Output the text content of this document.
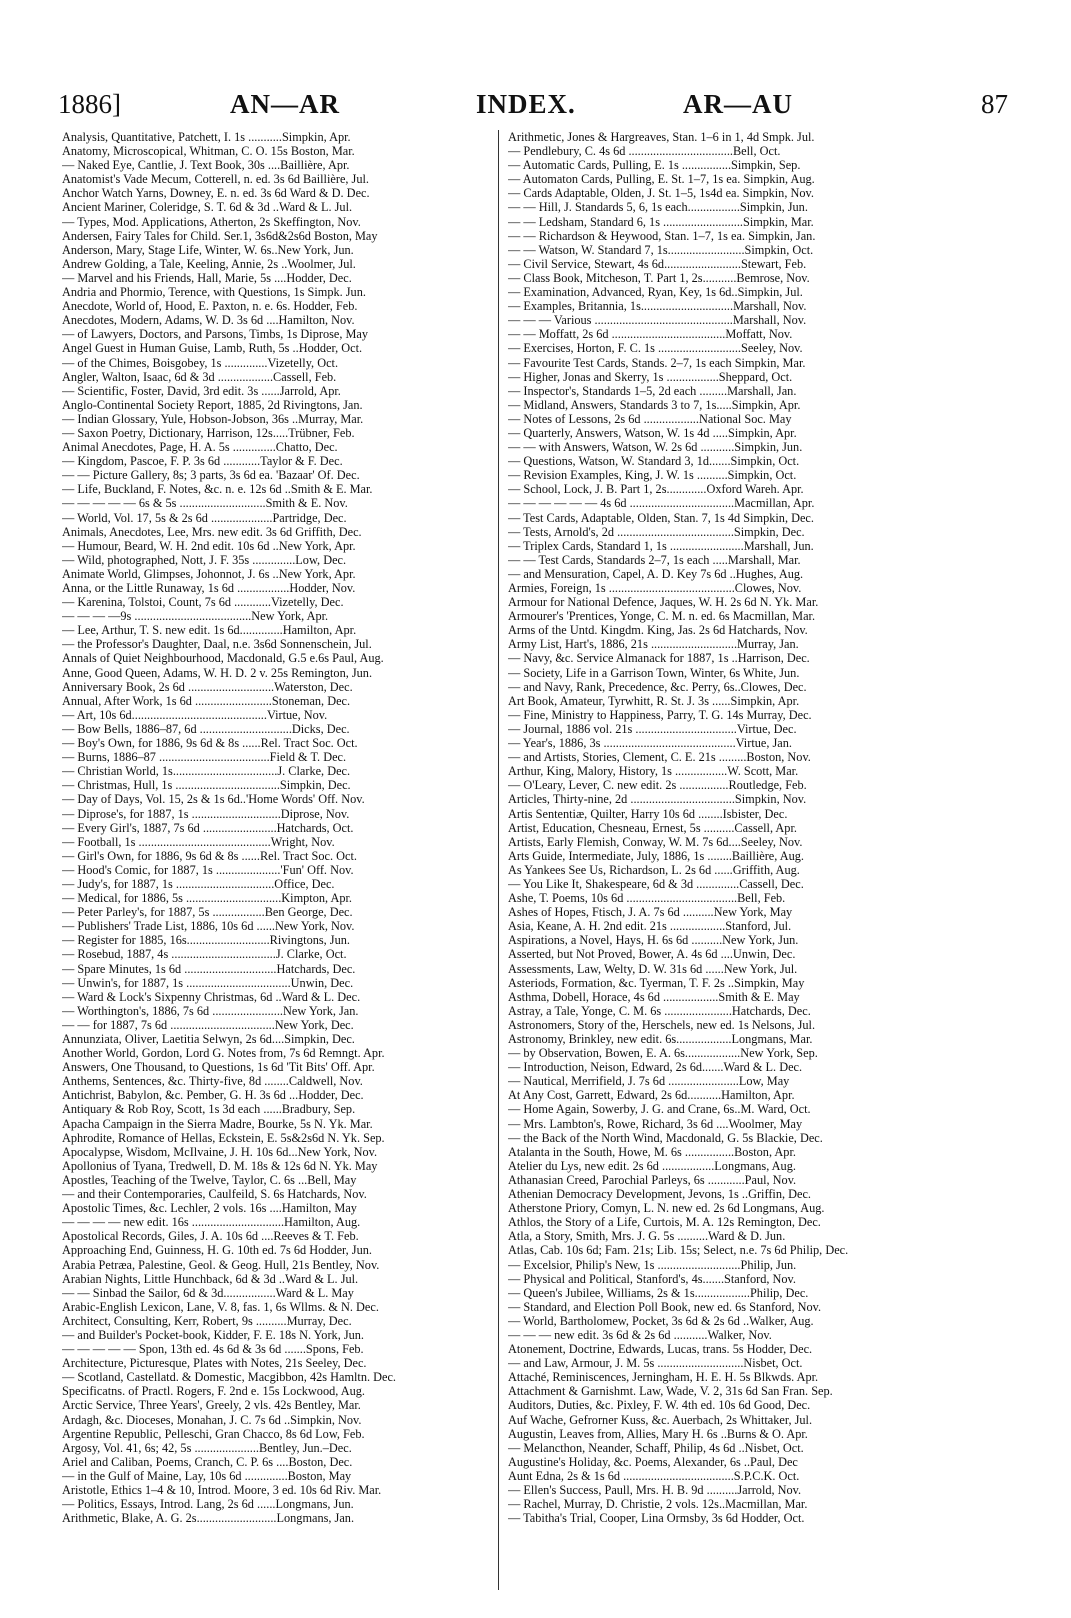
1886]	AN—AR	INDEX.	AR—AU	87
Analysis, Quantitative, Patchett, I. 1s ...........Simpkin, Apr.
Anatomy, Microscopical, Whitman, C. O. 15s Boston, Mar.
— Naked Eye, Cantlie, J. Text Book, 30s ....Baillière, Apr.
Anatomist's Vade Mecum, Cotterell, n. ed. 3s 6d Baillière, Jul.
Anchor Watch Yarns, Downey, E. n. ed. 3s 6d Ward & D. Dec.
Ancient Mariner, Coleridge, S. T. 6d & 3d ..Ward & L. Jul.
— Types, Mod. Applications, Atherton, 2s Skeffington, Nov.
Andersen, Fairy Tales for Child. Ser.1, 3s6d&2s6d Boston, May
Anderson, Mary, Stage Life, Winter, W. 6s..New York, Jun.
Andrew Golding, a Tale, Keeling, Annie, 2s ..Woolmer, Jul.
— Marvel and his Friends, Hall, Marie, 5s ....Hodder, Dec.
Andria and Phormio, Terence, with Questions, 1s Simpk. Jun.
Anecdote, World of, Hood, E. Paxton, n. e. 6s. Hodder, Feb.
Anecdotes, Modern, Adams, W. D. 3s 6d ....Hamilton, Nov.
— of Lawyers, Doctors, and Parsons, Timbs, 1s Diprose, May
Angel Guest in Human Guise, Lamb, Ruth, 5s ..Hodder, Oct.
— of the Chimes, Boisgobey, 1s ..............Vizetelly, Oct.
Angler, Walton, Isaac, 6d & 3d ..................Cassell, Feb.
— Scientific, Foster, David, 3rd edit. 3s ......Jarrold, Apr.
Anglo-Continental Society Report, 1885, 2d Rivingtons, Jan.
— Indian Glossary, Yule, Hobson-Jobson, 36s ..Murray, Mar.
— Saxon Poetry, Dictionary, Harrison, 12s.....Trübner, Feb.
Animal Anecdotes, Page, H. A. 5s ..............Chatto, Dec.
— Kingdom, Pascoe, F. P. 3s 6d ............Taylor & F. Dec.
— — Picture Gallery, 8s; 3 parts, 3s 6d ea. 'Bazaar' Of. Dec.
— Life, Buckland, F. Notes, &c. n. e. 12s 6d ..Smith & E. Mar.
— — — — — 6s & 5s ............................Smith & E. Nov.
— World, Vol. 17, 5s & 2s 6d ....................Partridge, Dec.
Animals, Anecdotes, Lee, Mrs. new edit. 3s 6d Griffith, Dec.
— Humour, Beard, W. H. 2nd edit. 10s 6d ..New York, Apr.
— Wild, photographed, Nott, J. F. 35s ..............Low, Dec.
Animate World, Glimpses, Johonnot, J. 6s ..New York, Apr.
Anna, or the Little Runaway, 1s 6d .................Hodder, Nov.
— Karenina, Tolstoi, Count, 7s 6d ............Vizetelly, Dec.
— — — —9s ......................................New York, Apr.
— Lee, Arthur, T. S. new edit. 1s 6d..............Hamilton, Apr.
— the Professor's Daughter, Daal, n.e. 3s6d Sonnenschein, Jul.
Annals of Quiet Neighbourhood, Macdonald, G.5 e.6s Paul, Aug.
Anne, Good Queen, Adams, W. H. D. 2 v. 25s Remington, Jun.
Anniversary Book, 2s 6d ............................Waterston, Dec.
Annual, After Work, 1s 6d .........................Stoneman, Dec.
— Art, 10s 6d............................................Virtue, Nov.
— Bow Bells, 1886–87, 6d ..............................Dicks, Dec.
— Boy's Own, for 1886, 9s 6d & 8s ......Rel. Tract Soc. Oct.
— Burns, 1886–87 ....................................Field & T. Dec.
— Christian World, 1s..................................J. Clarke, Dec.
— Christmas, Hull, 1s ..................................Simpkin, Dec.
— Day of Days, Vol. 15, 2s & 1s 6d..'Home Words' Off. Nov.
— Diprose's, for 1887, 1s .............................Diprose, Nov.
— Every Girl's, 1887, 7s 6d ........................Hatchards, Oct.
— Football, 1s ...........................................Wright, Nov.
— Girl's Own, for 1886, 9s 6d & 8s ......Rel. Tract Soc. Oct.
— Hood's Comic, for 1887, 1s .....................'Fun' Off. Nov.
— Judy's, for 1887, 1s ................................Office, Dec.
— Medical, for 1886, 5s ...............................Kimpton, Apr.
— Peter Parley's, for 1887, 5s .................Ben George, Dec.
— Publishers' Trade List, 1886, 10s 6d ......New York, Nov.
— Register for 1885, 16s...........................Rivingtons, Jun.
— Rosebud, 1887, 4s ..................................J. Clarke, Oct.
— Spare Minutes, 1s 6d ..............................Hatchards, Dec.
— Unwin's, for 1887, 1s ..................................Unwin, Dec.
— Ward & Lock's Sixpenny Christmas, 6d ..Ward & L. Dec.
— Worthington's, 1886, 7s 6d .......................New York, Jan.
— — for 1887, 7s 6d ..................................New York, Dec.
Annunziata, Oliver, Laetitia Selwyn, 2s 6d....Simpkin, Dec.
Another World, Gordon, Lord G. Notes from, 7s 6d Remngt. Apr.
Answers, One Thousand, to Questions, 1s 6d 'Tit Bits' Off. Apr.
Anthems, Sentences, &c. Thirty-five, 8d ........Caldwell, Nov.
Antichrist, Babylon, &c. Pember, G. H. 3s 6d ...Hodder, Dec.
Antiquary & Rob Roy, Scott, 1s 3d each ......Bradbury, Sep.
Apacha Campaign in the Sierra Madre, Bourke, 5s N. Yk. Mar.
Aphrodite, Romance of Hellas, Eckstein, E. 5s&2s6d N. Yk. Sep.
Apocalypse, Wisdom, McIlvaine, J. H. 10s 6d...New York, Nov.
Apollonius of Tyana, Tredwell, D. M. 18s & 12s 6d N. Yk. May
Apostles, Teaching of the Twelve, Taylor, C. 6s ...Bell, May
— and their Contemporaries, Caulfeild, S. 6s Hatchards, Nov.
Apostolic Times, &c. Lechler, 2 vols. 16s ....Hamilton, May
— — — — new edit. 16s ..............................Hamilton, Aug.
Apostolical Records, Giles, J. A. 10s 6d ....Reeves & T. Feb.
Approaching End, Guinness, H. G. 10th ed. 7s 6d Hodder, Jun.
Arabia Petræa, Palestine, Geol. & Geog. Hull, 21s Bentley, Nov.
Arabian Nights, Little Hunchback, 6d & 3d ..Ward & L. Jul.
— — Sinbad the Sailor, 6d & 3d.................Ward & L. May
Arabic-English Lexicon, Lane, V. 8, fas. 1, 6s Wllms. & N. Dec.
Architect, Consulting, Kerr, Robert, 9s ..........Murray, Dec.
— and Builder's Pocket-book, Kidder, F. E. 18s N. York, Jun.
— — — — — Spon, 13th ed. 4s 6d & 3s 6d .......Spons, Feb.
Architecture, Picturesque, Plates with Notes, 21s Seeley, Dec.
— Scotland, Castellatd. & Domestic, Macgibbon, 42s Hamltn. Dec.
Specificatns. of Practl. Rogers, F. 2nd e. 15s Lockwood, Aug.
Arctic Service, Three Years', Greely, 2 vls. 42s Bentley, Mar.
Ardagh, &c. Dioceses, Monahan, J. C. 7s 6d ..Simpkin, Nov.
Argentine Republic, Pelleschi, Gran Chacco, 8s 6d Low, Feb.
Argosy, Vol. 41, 6s; 42, 5s .....................Bentley, Jun.–Dec.
Ariel and Caliban, Poems, Cranch, C. P. 6s ....Boston, Dec.
— in the Gulf of Maine, Lay, 10s 6d ..............Boston, May
Aristotle, Ethics 1–4 & 10, Introd. Moore, 3 ed. 10s 6d Riv. Mar.
— Politics, Essays, Introd. Lang, 2s 6d ......Longmans, Jun.
Arithmetic, Blake, A. G. 2s..........................Longmans, Jan.
Arithmetic, Jones & Hargreaves, Stan. 1–6 in 1, 4d Smpk. Jul.
— Pendlebury, C. 4s 6d ..................................Bell, Oct.
— Automatic Cards, Pulling, E. 1s ................Simpkin, Sep.
— Automaton Cards, Pulling, E. St. 1–7, 1s ea. Simpkin, Aug.
— Cards Adaptable, Olden, J. St. 1–5, 1s4d ea. Simpkin, Nov.
— — Hill, J. Standards 5, 6, 1s each.................Simpkin, Jun.
— — Ledsham, Standard 6, 1s ..........................Simpkin, Mar.
— — Richardson & Heywood, Stan. 1–7, 1s ea. Simpkin, Jan.
— — Watson, W. Standard 7, 1s.........................Simpkin, Oct.
— Civil Service, Stewart, 4s 6d.........................Stewart, Feb.
— Class Book, Mitcheson, T. Part 1, 2s...........Bemrose, Nov.
— Examination, Advanced, Ryan, Key, 1s 6d..Simpkin, Jul.
— Examples, Britannia, 1s..............................Marshall, Nov.
— — — Various .............................................Marshall, Nov.
— — Moffatt, 2s 6d .....................................Moffatt, Nov.
— Exercises, Horton, F. C. 1s ...........................Seeley, Nov.
— Favourite Test Cards, Stands. 2–7, 1s each Simpkin, Mar.
— Higher, Jonas and Skerry, 1s .................Sheppard, Oct.
— Inspector's, Standards 1–5, 2d each .........Marshall, Jan.
— Midland, Answers, Standards 3 to 7, 1s.....Simpkin, Apr.
— Notes of Lessons, 2s 6d ..................National Soc. May
— Quarterly, Answers, Watson, W. 1s 4d .....Simpkin, Apr.
— — with Answers, Watson, W. 2s 6d ...........Simpkin, Jun.
— Questions, Watson, W. Standard 3, 1d.......Simpkin, Oct.
— Revision Examples, King, J. W. 1s ..........Simpkin, Oct.
— School, Lock, J. B. Part 1, 2s.............Oxford Wareh. Apr.
— — — — — — 4s 6d ..................................Macmillan, Apr.
— Test Cards, Adaptable, Olden, Stan. 7, 1s 4d Simpkin, Dec.
— Tests, Arnold's, 2d ......................................Simpkin, Dec.
— Triplex Cards, Standard 1, 1s ........................Marshall, Jun.
— — Test Cards, Standards 2–7, 1s each .....Marshall, Mar.
— and Mensuration, Capel, A. D. Key 7s 6d ..Hughes, Aug.
Armies, Foreign, 1s .........................................Clowes, Nov.
Armour for National Defence, Jaques, W. H. 2s 6d N. Yk. Mar.
Armourer's 'Prentices, Yonge, C. M. n. ed. 6s Macmillan, Mar.
Arms of the Untd. Kingdm. King, Jas. 2s 6d Hatchards, Nov.
Army List, Hart's, 1886, 21s ............................Murray, Jan.
— Navy, &c. Service Almanack for 1887, 1s ..Harrison, Dec.
— Society, Life in a Garrison Town, Winter, 6s White, Jun.
— and Navy, Rank, Precedence, &c. Perry, 6s..Clowes, Dec.
Art Book, Amateur, Tyrwhitt, R. St. J. 3s ......Simpkin, Apr.
— Fine, Ministry to Happiness, Parry, T. G. 14s Murray, Dec.
— Journal, 1886 vol. 21s .................................Virtue, Dec.
— Year's, 1886, 3s ...........................................Virtue, Jan.
— and Artists, Stories, Clement, C. E. 21s .........Boston, Nov.
Arthur, King, Malory, History, 1s .................W. Scott, Mar.
— O'Leary, Lever, C. new edit. 2s ................Routledge, Feb.
Articles, Thirty-nine, 2d ..................................Simpkin, Nov.
Artis Sententiæ, Quilter, Harry 10s 6d ........Isbister, Dec.
Artist, Education, Chesneau, Ernest, 5s ..........Cassell, Apr.
Artists, Early Flemish, Conway, W. M. 7s 6d....Seeley, Nov.
Arts Guide, Intermediate, July, 1886, 1s ........Baillière, Aug.
As Yankees See Us, Richardson, L. 2s 6d ......Griffith, Aug.
— You Like It, Shakespeare, 6d & 3d ..............Cassell, Dec.
Ashe, T. Poems, 10s 6d ....................................Bell, Feb.
Ashes of Hopes, Ftisch, J. A. 7s 6d ..........New York, May
Asia, Keane, A. H. 2nd edit. 21s ..................Stanford, Jul.
Aspirations, a Novel, Hays, H. 6s 6d ..........New York, Jun.
Asserted, but Not Proved, Bower, A. 4s 6d ....Unwin, Dec.
Assessments, Law, Welty, D. W. 31s 6d ......New York, Jul.
Asteriods, Formation, &c. Tyerman, T. F. 2s ..Simpkin, May
Asthma, Dobell, Horace, 4s 6d ..................Smith & E. May
Astray, a Tale, Yonge, C. M. 6s ......................Hatchards, Dec.
Astronomers, Story of the, Herschels, new ed. 1s Nelsons, Jul.
Astronomy, Brinkley, new edit. 6s..................Longmans, Mar.
— by Observation, Bowen, E. A. 6s..................New York, Sep.
— Introduction, Neison, Edward, 2s 6d.......Ward & L. Dec.
— Nautical, Merrifield, J. 7s 6d .......................Low, May
At Any Cost, Garrett, Edward, 2s 6d...........Hamilton, Apr.
— Home Again, Sowerby, J. G. and Crane, 6s..M. Ward, Oct.
— Mrs. Lambton's, Rowe, Richard, 3s 6d ....Woolmer, May
— the Back of the North Wind, Macdonald, G. 5s Blackie, Dec.
Atalanta in the South, Howe, M. 6s ................Boston, Apr.
Atelier du Lys, new edit. 2s 6d .................Longmans, Aug.
Athanasian Creed, Parochial Parleys, 6s ............Paul, Nov.
Athenian Democracy Development, Jevons, 1s ..Griffin, Dec.
Atherstone Priory, Comyn, L. N. new ed. 2s 6d Longmans, Aug.
Athlos, the Story of a Life, Curtois, M. A. 12s Remington, Dec.
Atla, a Story, Smith, Mrs. J. G. 5s ..........Ward & D. Jun.
Atlas, Cab. 10s 6d; Fam. 21s; Lib. 15s; Select, n.e. 7s 6d Philip, Dec.
— Excelsior, Philip's New, 1s ...........................Philip, Jun.
— Physical and Political, Stanford's, 4s.......Stanford, Nov.
— Queen's Jubilee, Williams, 2s & 1s..................Philip, Dec.
— Standard, and Election Poll Book, new ed. 6s Stanford, Nov.
— World, Bartholomew, Pocket, 3s 6d & 2s 6d ..Walker, Aug.
— — — new edit. 3s 6d & 2s 6d ...........Walker, Nov.
Atonement, Doctrine, Edwards, Lucas, trans. 5s Hodder, Dec.
— and Law, Armour, J. M. 5s ............................Nisbet, Oct.
Attaché, Reminiscences, Jerningham, H. E. H. 5s Blkwds. Apr.
Attachment & Garnishmt. Law, Wade, V. 2, 31s 6d San Fran. Sep.
Auditors, Duties, &c. Pixley, F. W. 4th ed. 10s 6d Good, Dec.
Auf Wache, Gefrorner Kuss, &c. Auerbach, 2s Whittaker, Jul.
Augustin, Leaves from, Allies, Mary H. 6s ..Burns & O. Apr.
— Melancthon, Neander, Schaff, Philip, 4s 6d ..Nisbet, Oct.
Augustine's Holiday, &c. Poems, Alexander, 6s ..Paul, Dec
Aunt Edna, 2s & 1s 6d ....................................S.P.C.K. Oct.
— Ellen's Success, Paull, Mrs. H. B. 9d ..........Jarrold, Nov.
— Rachel, Murray, D. Christie, 2 vols. 12s..Macmillan, Mar.
— Tabitha's Trial, Cooper, Lina Ormsby, 3s 6d Hodder, Oct.
